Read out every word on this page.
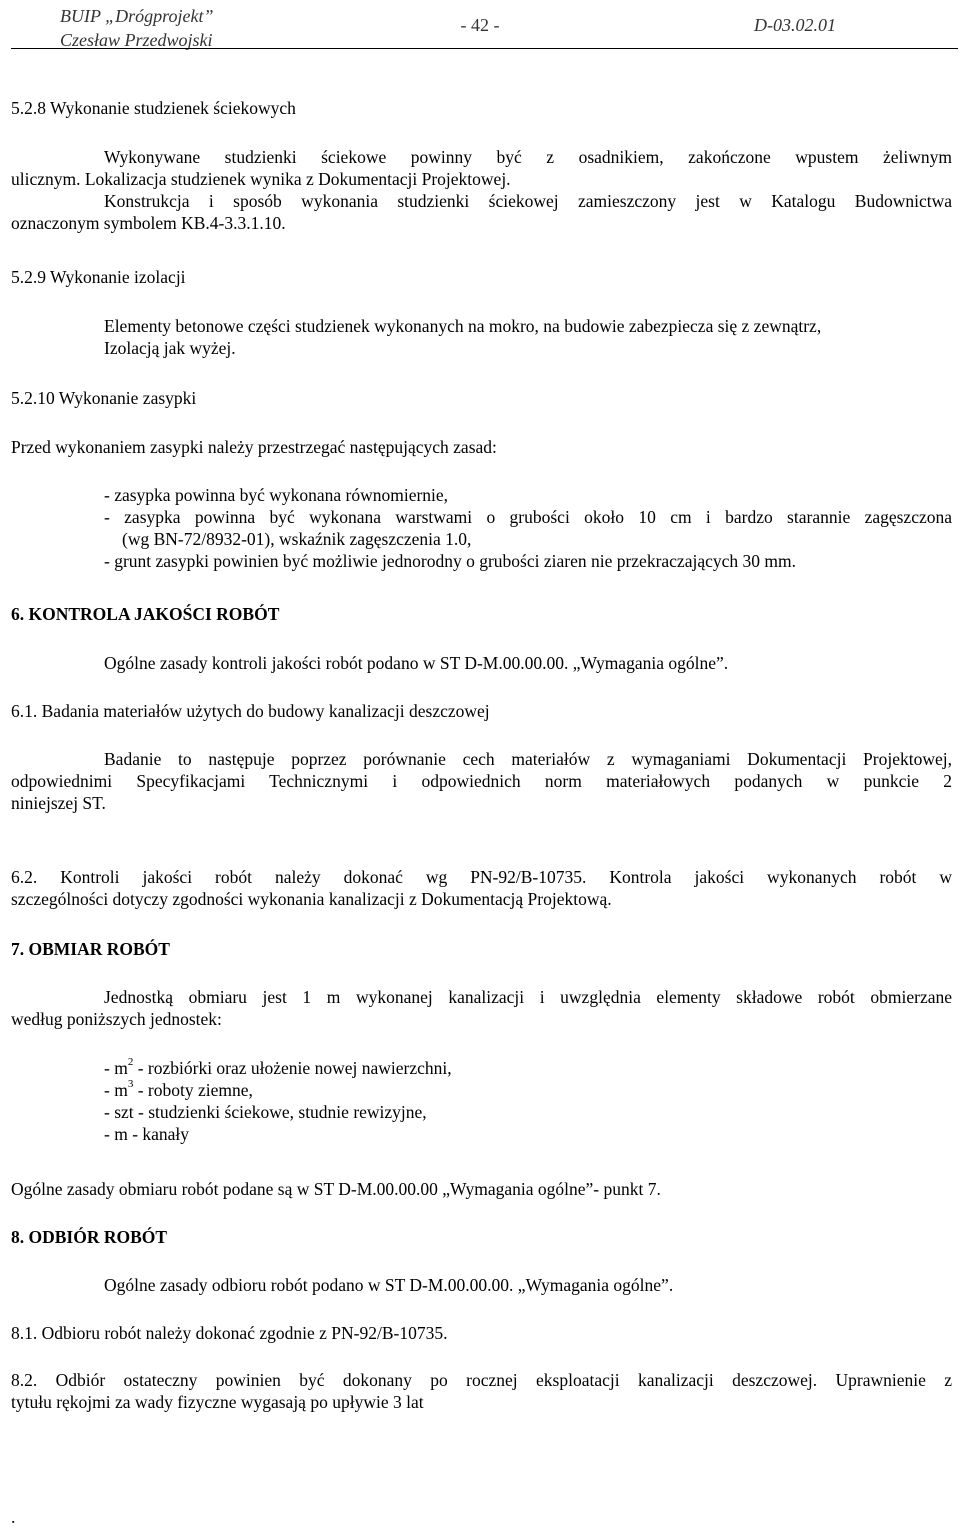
BUIP „Drógprojekt”
Czesław Przedwojski
- 42 -	D-03.02.01
5.2.8 Wykonanie studzienek ściekowych
Wykonywane studzienki ściekowe powinny być z osadnikiem, zakończone wpustem żeliwnym
ulicznym. Lokalizacja studzienek wynika z Dokumentacji Projektowej.
Konstrukcja i sposób wykonania studzienki ściekowej zamieszczony jest w Katalogu Budownictwa
oznaczonym symbolem KB.4-3.3.1.10.
5.2.9 Wykonanie izolacji
Elementy betonowe części studzienek wykonanych na mokro, na budowie zabezpiecza się z zewnątrz,
Izolacją jak wyżej.
5.2.10 Wykonanie zasypki
Przed wykonaniem zasypki należy przestrzegać następujących zasad:
- zasypka powinna być wykonana równomiernie,
- zasypka powinna być wykonana warstwami o grubości około 10 cm i bardzo starannie zagęszczona
(wg BN-72/8932-01), wskaźnik zagęszczenia 1.0,
- grunt zasypki powinien być możliwie jednorodny o grubości ziaren nie przekraczających 30 mm.
6. KONTROLA JAKOŚCI ROBÓT
Ogólne zasady kontroli jakości robót podano w ST D-M.00.00.00. „Wymagania ogólne”.
6.1. Badania materiałów użytych do budowy kanalizacji deszczowej
Badanie to następuje poprzez porównanie cech materiałów z wymaganiami Dokumentacji Projektowej,
odpowiednimi Specyfikacjami Technicznymi i odpowiednich norm materiałowych podanych w punkcie 2
niniejszej ST.
6.2. Kontroli jakości robót należy dokonać wg PN-92/B-10735. Kontrola jakości wykonanych robót w
szczególności dotyczy zgodności wykonania kanalizacji z Dokumentacją Projektową.
7. OBMIAR ROBÓT
Jednostką obmiaru jest 1 m wykonanej kanalizacji i uwzględnia elementy składowe robót obmierzane
według poniższych jednostek:
- $m^2$ - rozbiórki oraz ułożenie nowej nawierzchni,
- $m^3$ - roboty ziemne,
- szt - studzienki ściekowe, studnie rewizyjne,
- m - kanały
Ogólne zasady obmiaru robót podane są w ST D-M.00.00.00 „Wymagania ogólne”- punkt 7.
8. ODBIÓR ROBÓT
Ogólne zasady odbioru robót podano w ST D-M.00.00.00. „Wymagania ogólne”.
8.1. Odbioru robót należy dokonać zgodnie z PN-92/B-10735.
8.2. Odbiór ostateczny powinien być dokonany po rocznej eksploatacji kanalizacji deszczowej. Uprawnienie z
tytułu rękojmi za wady fizyczne wygasają po upływie 3 lat
.
